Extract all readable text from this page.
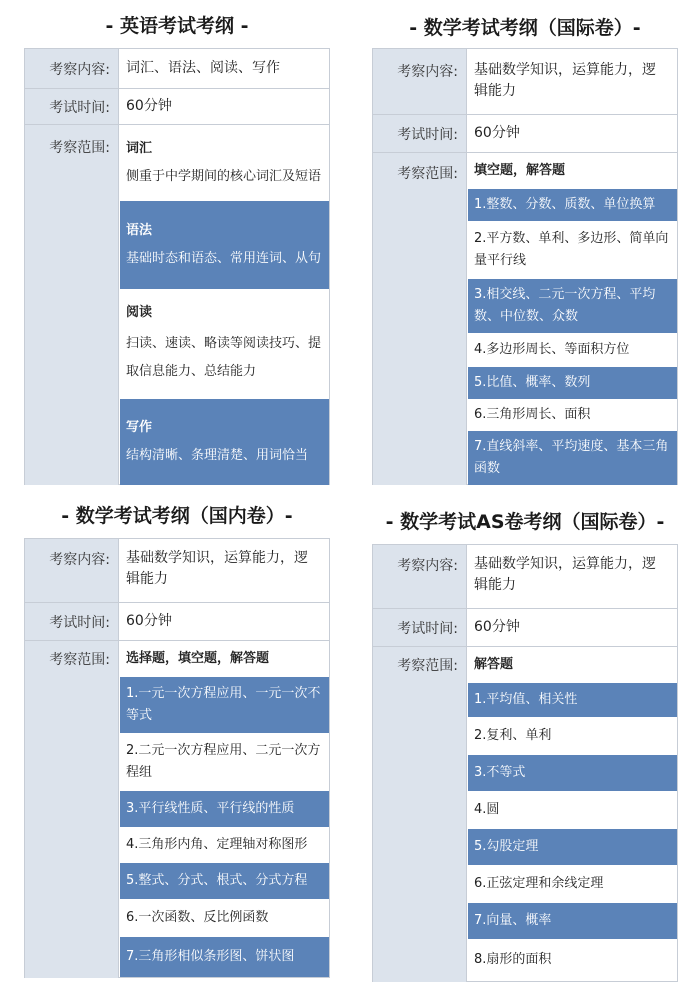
- 英语考试考纲 -
考察内容:	词汇、语法、阅读、写作
考试时间:	60分钟
考察范围:	词汇
侧重于中学期间的核心词汇及短语
语法
基础时态和语态、常用连词、从句
阅读
扫读、速读、略读等阅读技巧、提取信息能力、总结能力
写作
结构清晰、条理清楚、用词恰当
- 数学考试考纲（国际卷）-
考察内容:	基础数学知识，运算能力，逻辑能力
考试时间:	60分钟
考察范围:	填空题，解答题
1.整数、分数、质数、单位换算
2.平方数、单利、多边形、简单向量平行线
3.相交线、二元一次方程、平均数、中位数、众数
4.多边形周长、等面积方位
5.比值、概率、数列
6.三角形周长、面积
7.直线斜率、平均速度、基本三角函数
- 数学考试考纲（国内卷）-
考察内容:	基础数学知识，运算能力，逻辑能力
考试时间:	60分钟
考察范围:	选择题，填空题，解答题
1.一元一次方程应用、一元一次不等式
2.二元一次方程应用、二元一次方程组
3.平行线性质、平行线的性质
4.三角形内角、定理轴对称图形
5.整式、分式、根式、分式方程
6.一次函数、反比例函数
7.三角形相似条形图、饼状图
- 数学考试AS卷考纲（国际卷）-
考察内容:	基础数学知识，运算能力，逻辑能力
考试时间:	60分钟
考察范围:	解答题
1.平均值、相关性
2.复利、单利
3.不等式
4.圆
5.勾股定理
6.正弦定理和余线定理
7.向量、概率
8.扇形的面积
